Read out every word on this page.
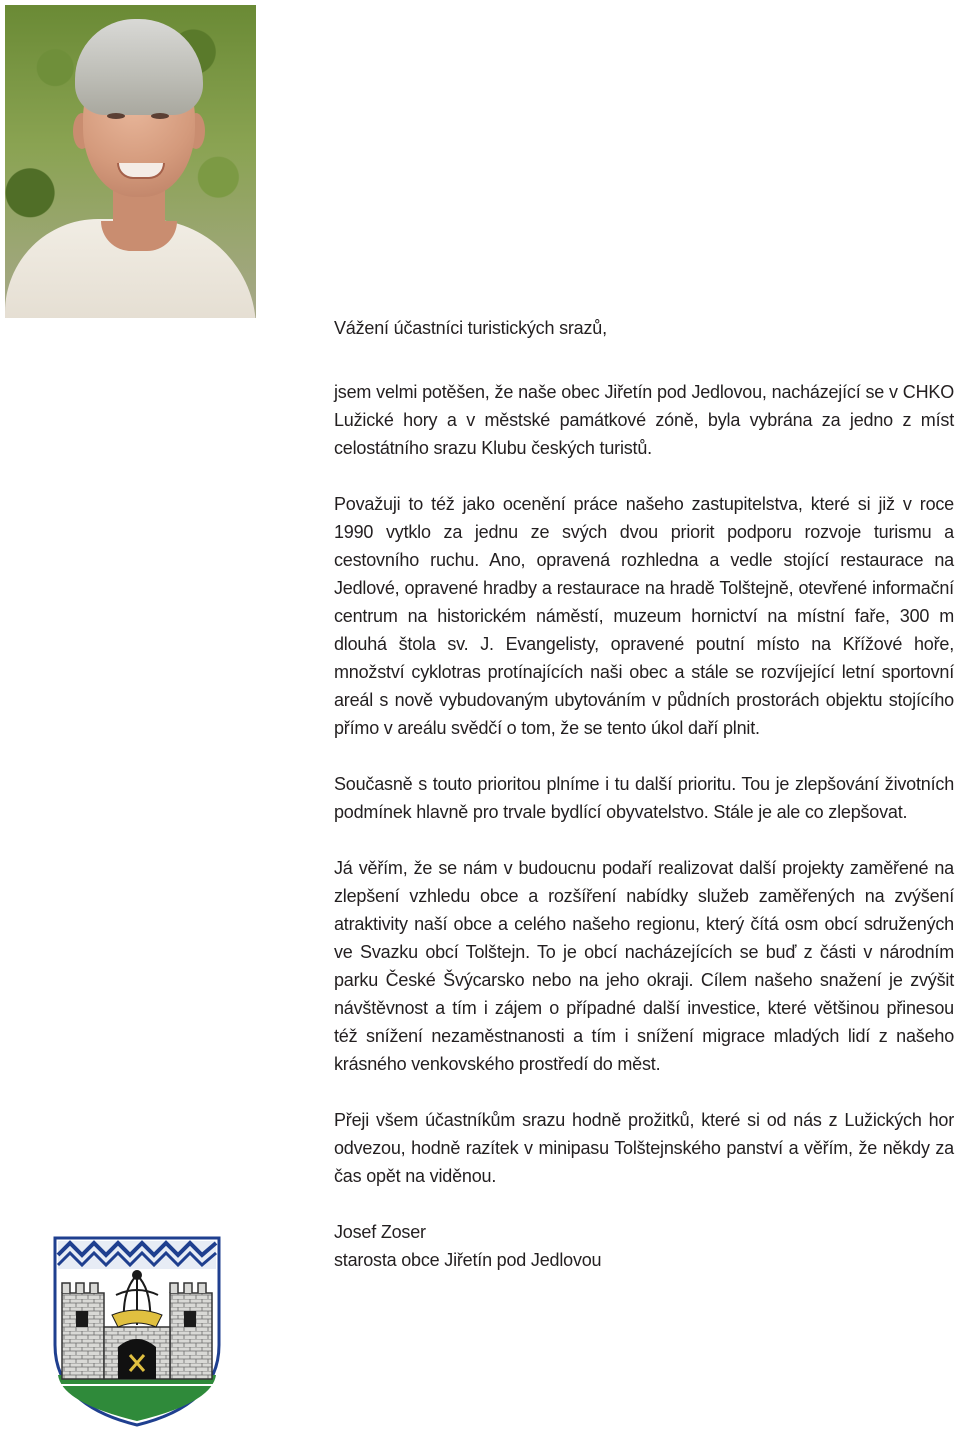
Vážení účastníci turistických srazů,

jsem velmi potěšen, že naše obec Jiřetín pod Jedlovou, nacházející se v CHKO Lužické hory a v městské památkové zóně, byla vybrána za jedno z míst celostátního srazu Klubu českých turistů.

Považuji to též jako ocenění práce našeho zastupitelstva, které si již v roce 1990 vytklo za jednu ze svých dvou priorit podporu rozvoje turismu a cestovního ruchu. Ano, opravená rozhledna a vedle stojící restaurace na Jedlové, opravené hradby a restaurace na hradě Tolštejně, otevřené informační centrum na historickém náměstí, muzeum hornictví na místní faře, 300 m dlouhá štola sv. J. Evangelisty, opravené poutní místo na Křížové hoře, množství cyklotras protínajících naši obec a stále se rozvíjející letní sportovní areál s nově vybudovaným ubytováním v půdních prostorách objektu stojícího přímo v areálu svědčí o tom, že se tento úkol daří plnit.

Současně s touto prioritou plníme i tu další prioritu. Tou je zlepšování životních podmínek hlavně pro trvale bydlící obyvatelstvo. Stále je ale co zlepšovat.

Já věřím, že se nám v budoucnu podaří realizovat další projekty zaměřené na zlepšení vzhledu obce a rozšíření nabídky služeb zaměřených na zvýšení atraktivity naší obce a celého našeho regionu, který čítá osm obcí sdružených ve Svazku obcí Tolštejn. To je obcí nacházejících se buď z části v národním parku České Švýcarsko nebo na jeho okraji. Cílem našeho snažení je zvýšit návštěvnost a tím i zájem o případné další investice, které většinou přinesou též snížení nezaměstnanosti a tím i snížení migrace mladých lidí z našeho krásného venkovského prostředí do měst.

Přeji všem účastníkům srazu hodně prožitků, které si od nás z Lužických hor odvezou, hodně razítek v minipasu Tolštejnského panství a věřím, že někdy za čas opět na viděnou.

Josef Zoser
starosta obce Jiřetín pod Jedlovou
